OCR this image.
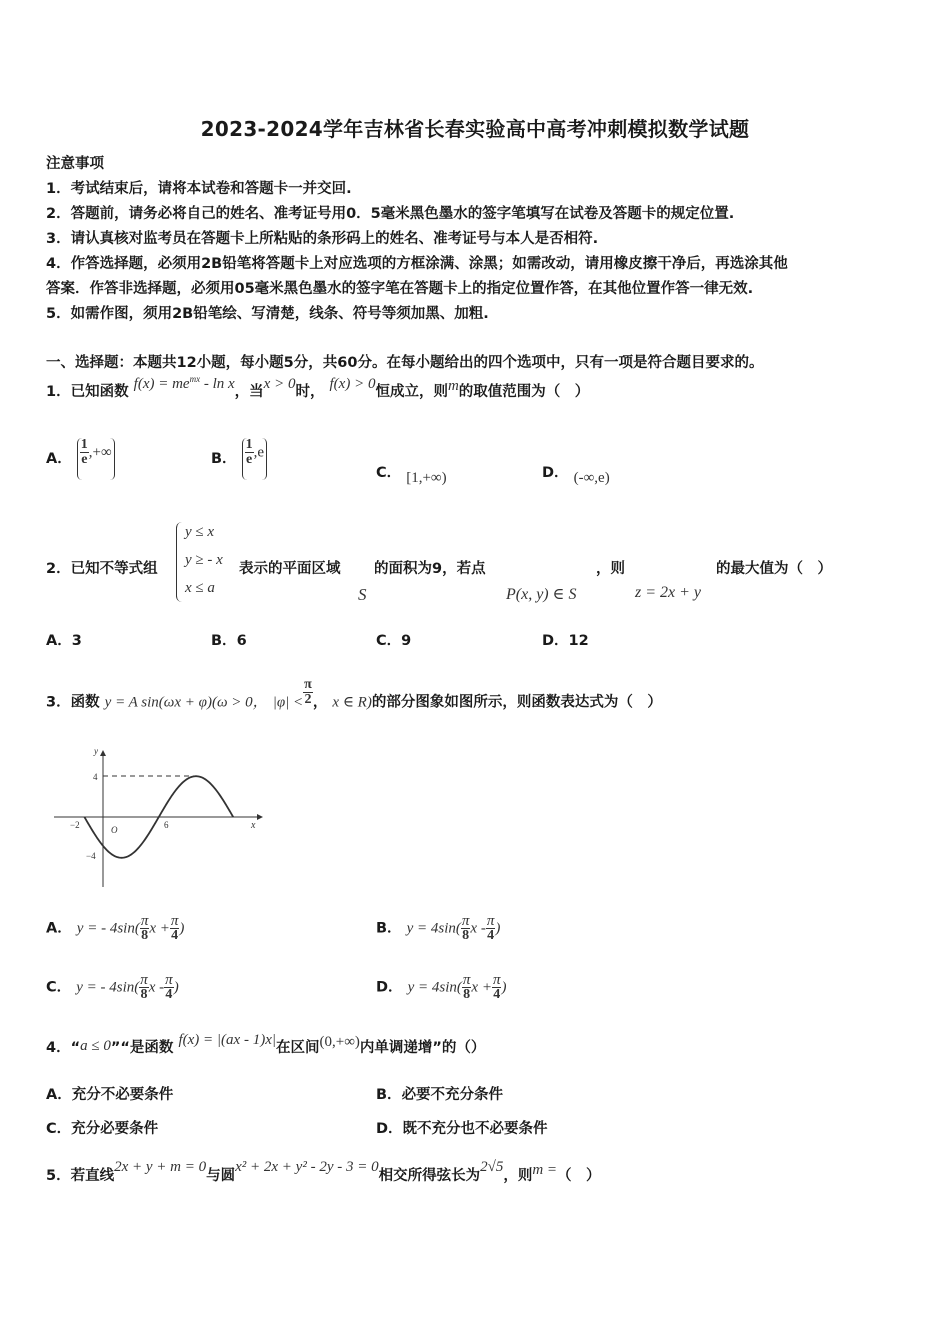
2023-2024学年吉林省长春实验高中高考冲刺模拟数学试题
注意事项
1．考试结束后，请将本试卷和答题卡一并交回.
2．答题前，请务必将自己的姓名、准考证号用0．5毫米黑色墨水的签字笔填写在试卷及答题卡的规定位置.
3．请认真核对监考员在答题卡上所粘贴的条形码上的姓名、准考证号与本人是否相符.
4．作答选择题，必须用2B铅笔将答题卡上对应选项的方框涂满、涂黑；如需改动，请用橡皮擦干净后，再选涂其他
答案．作答非选择题，必须用05毫米黑色墨水的签字笔在答题卡上的指定位置作答，在其他位置作答一律无效.
5．如需作图，须用2B铅笔绘、写清楚，线条、符号等须加黑、加粗.
一、选择题：本题共12小题，每小题5分，共60分。在每小题给出的四个选项中，只有一项是符合题目要求的。
1．已知函数 $f(x) = me^{mx} - \ln x$，当x > 0时， f(x) > 0恒成立，则m的取值范围为（　）
A． $\frac{1}{e}$ ,+∞	B． $\frac{1}{e} ,e$
C． [1,+∞)	D． (-∞,e)
2．已知不等式组
y ≤ x
y ≥ - x
x ≤ a
表示的平面区域
S
的面积为9，若点
P(x, y) ∈ S
，则
z = 2x + y
的最大值为（　）
A．3	B．6	C．9	D．12
3．函数 y = A sin(ωx + φ)(ω > 0， $|\varphi| < \frac{\pi}{2}$ ， x ∈ R)的部分图象如图所示，则函数表达式为（　）
y
x
O
4
−4
−2	6
A． y = - $4\sin( \frac{\pi}{8}$ $x + \frac{\pi}{4}$ )	B． $y = 4\sin( \frac{\pi}{8}$ x - $\frac{\pi}{4}$ )
C． y = - $4\sin( \frac{\pi}{8}$ x - $\frac{\pi}{4}$ )	D． $y = 4\sin( \frac{\pi}{8}$ $x + \frac{\pi}{4}$ )
4．“a ≤ 0”“是函数 f(x) = |(ax - 1)x|在区间(0,+∞)内单调递增”的（）
A．充分不必要条件	B．必要不充分条件
C．充分必要条件	D．既不充分也不必要条件
5．若直线2x + y + m = 0与圆x² + 2x + y² - 2y - 3 = 0相交所得弦长为2√5，则m =（　）
